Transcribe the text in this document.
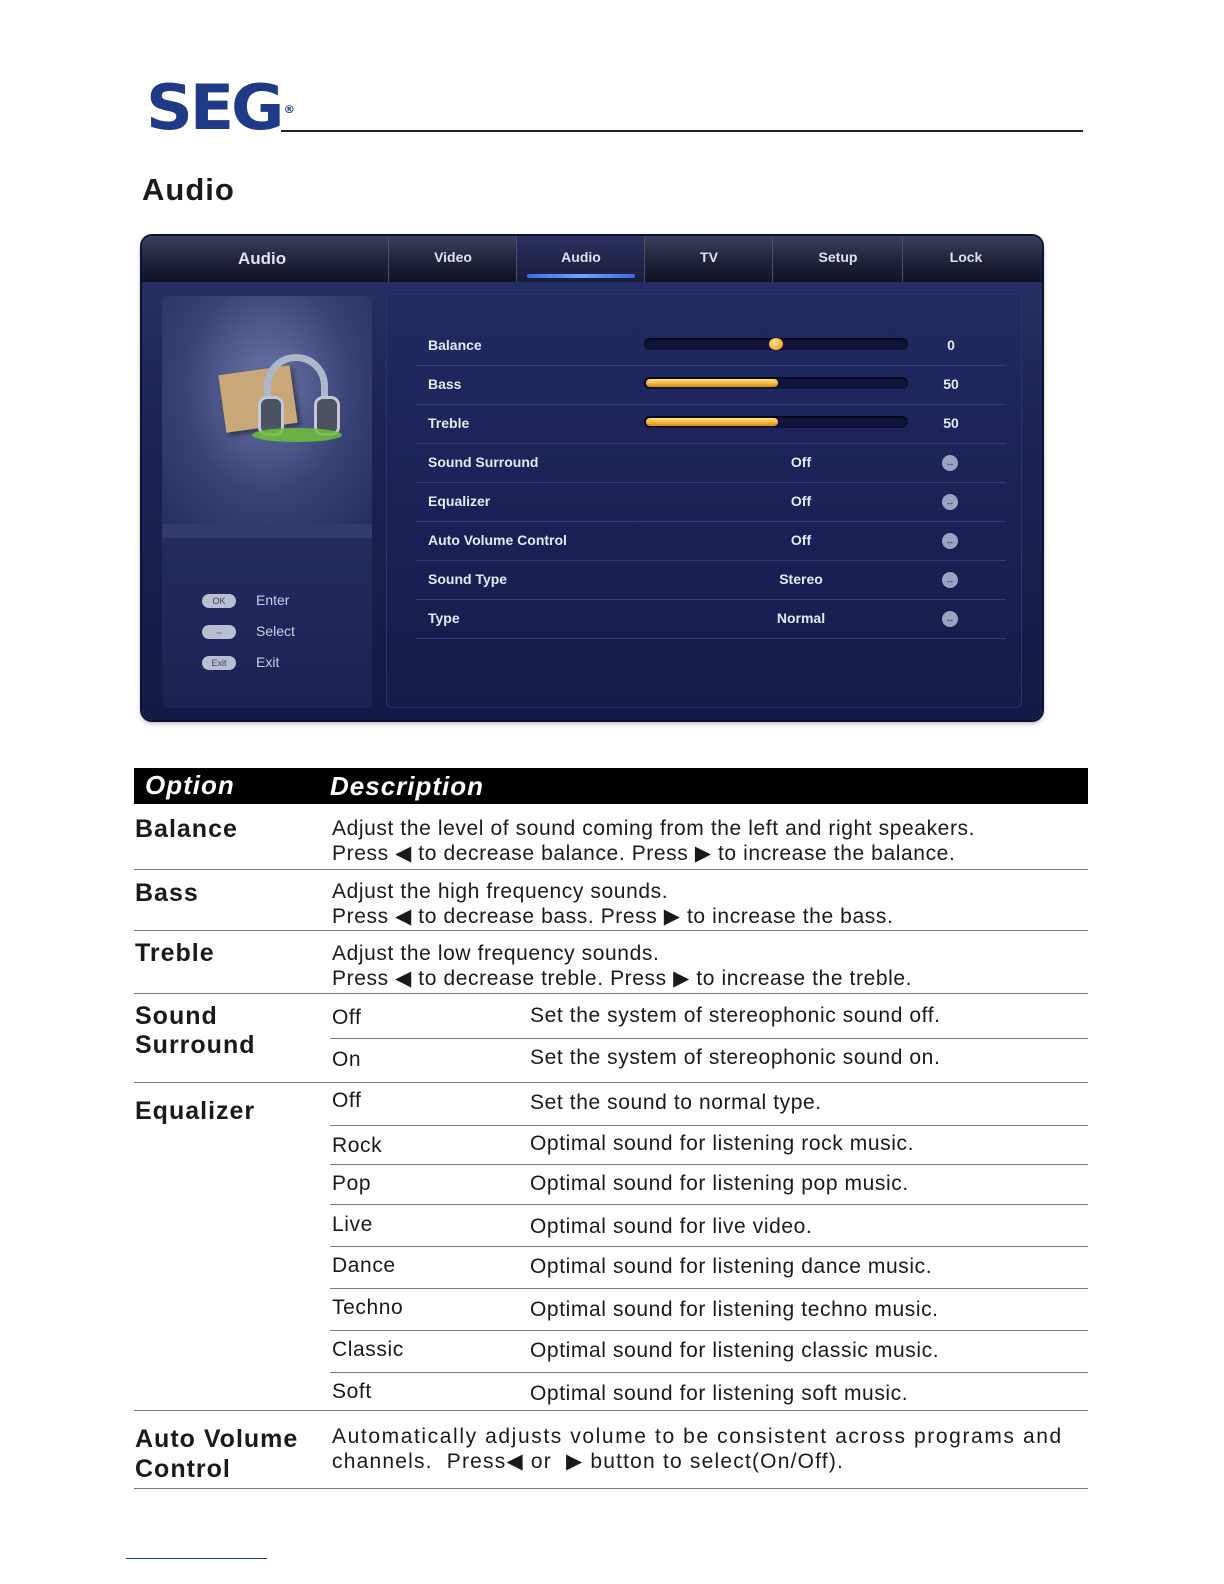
SEG ®
Audio
Audio	Video	Audio	TV	Setup	Lock
OK	Enter
⇔	Select
Exit	Exit
Balance	0
Bass	50
Treble	50
Sound Surround	Off	↔
Equalizer	Off	↔
Auto Volume Control	Off	↔
Sound Type	Stereo	↔
Type	Normal	↔
Option	Description
Balance	Adjust the level of sound coming from the left and right speakers.
Press ◀ to decrease balance. Press ▶ to increase the balance.
Bass	Adjust the high frequency sounds.
Press ◀ to decrease bass. Press ▶ to increase the bass.
Treble	Adjust the low frequency sounds.
Press ◀ to decrease treble. Press ▶ to increase the treble.
Sound
Surround
Off	Set the system of stereophonic sound off.
On	Set the system of stereophonic sound on.
Equalizer	Off	Set the sound to normal type.
Rock	Optimal sound for listening rock music.
Pop	Optimal sound for listening pop music.
Live	Optimal sound for live video.
Dance	Optimal sound for listening dance music.
Techno	Optimal sound for listening techno music.
Classic	Optimal sound for listening classic music.
Soft	Optimal sound for listening soft music.
Auto Volume
Control
Automatically adjusts volume to be consistent across programs and
channels.  Press◀ or  ▶ button to select(On/Off).
